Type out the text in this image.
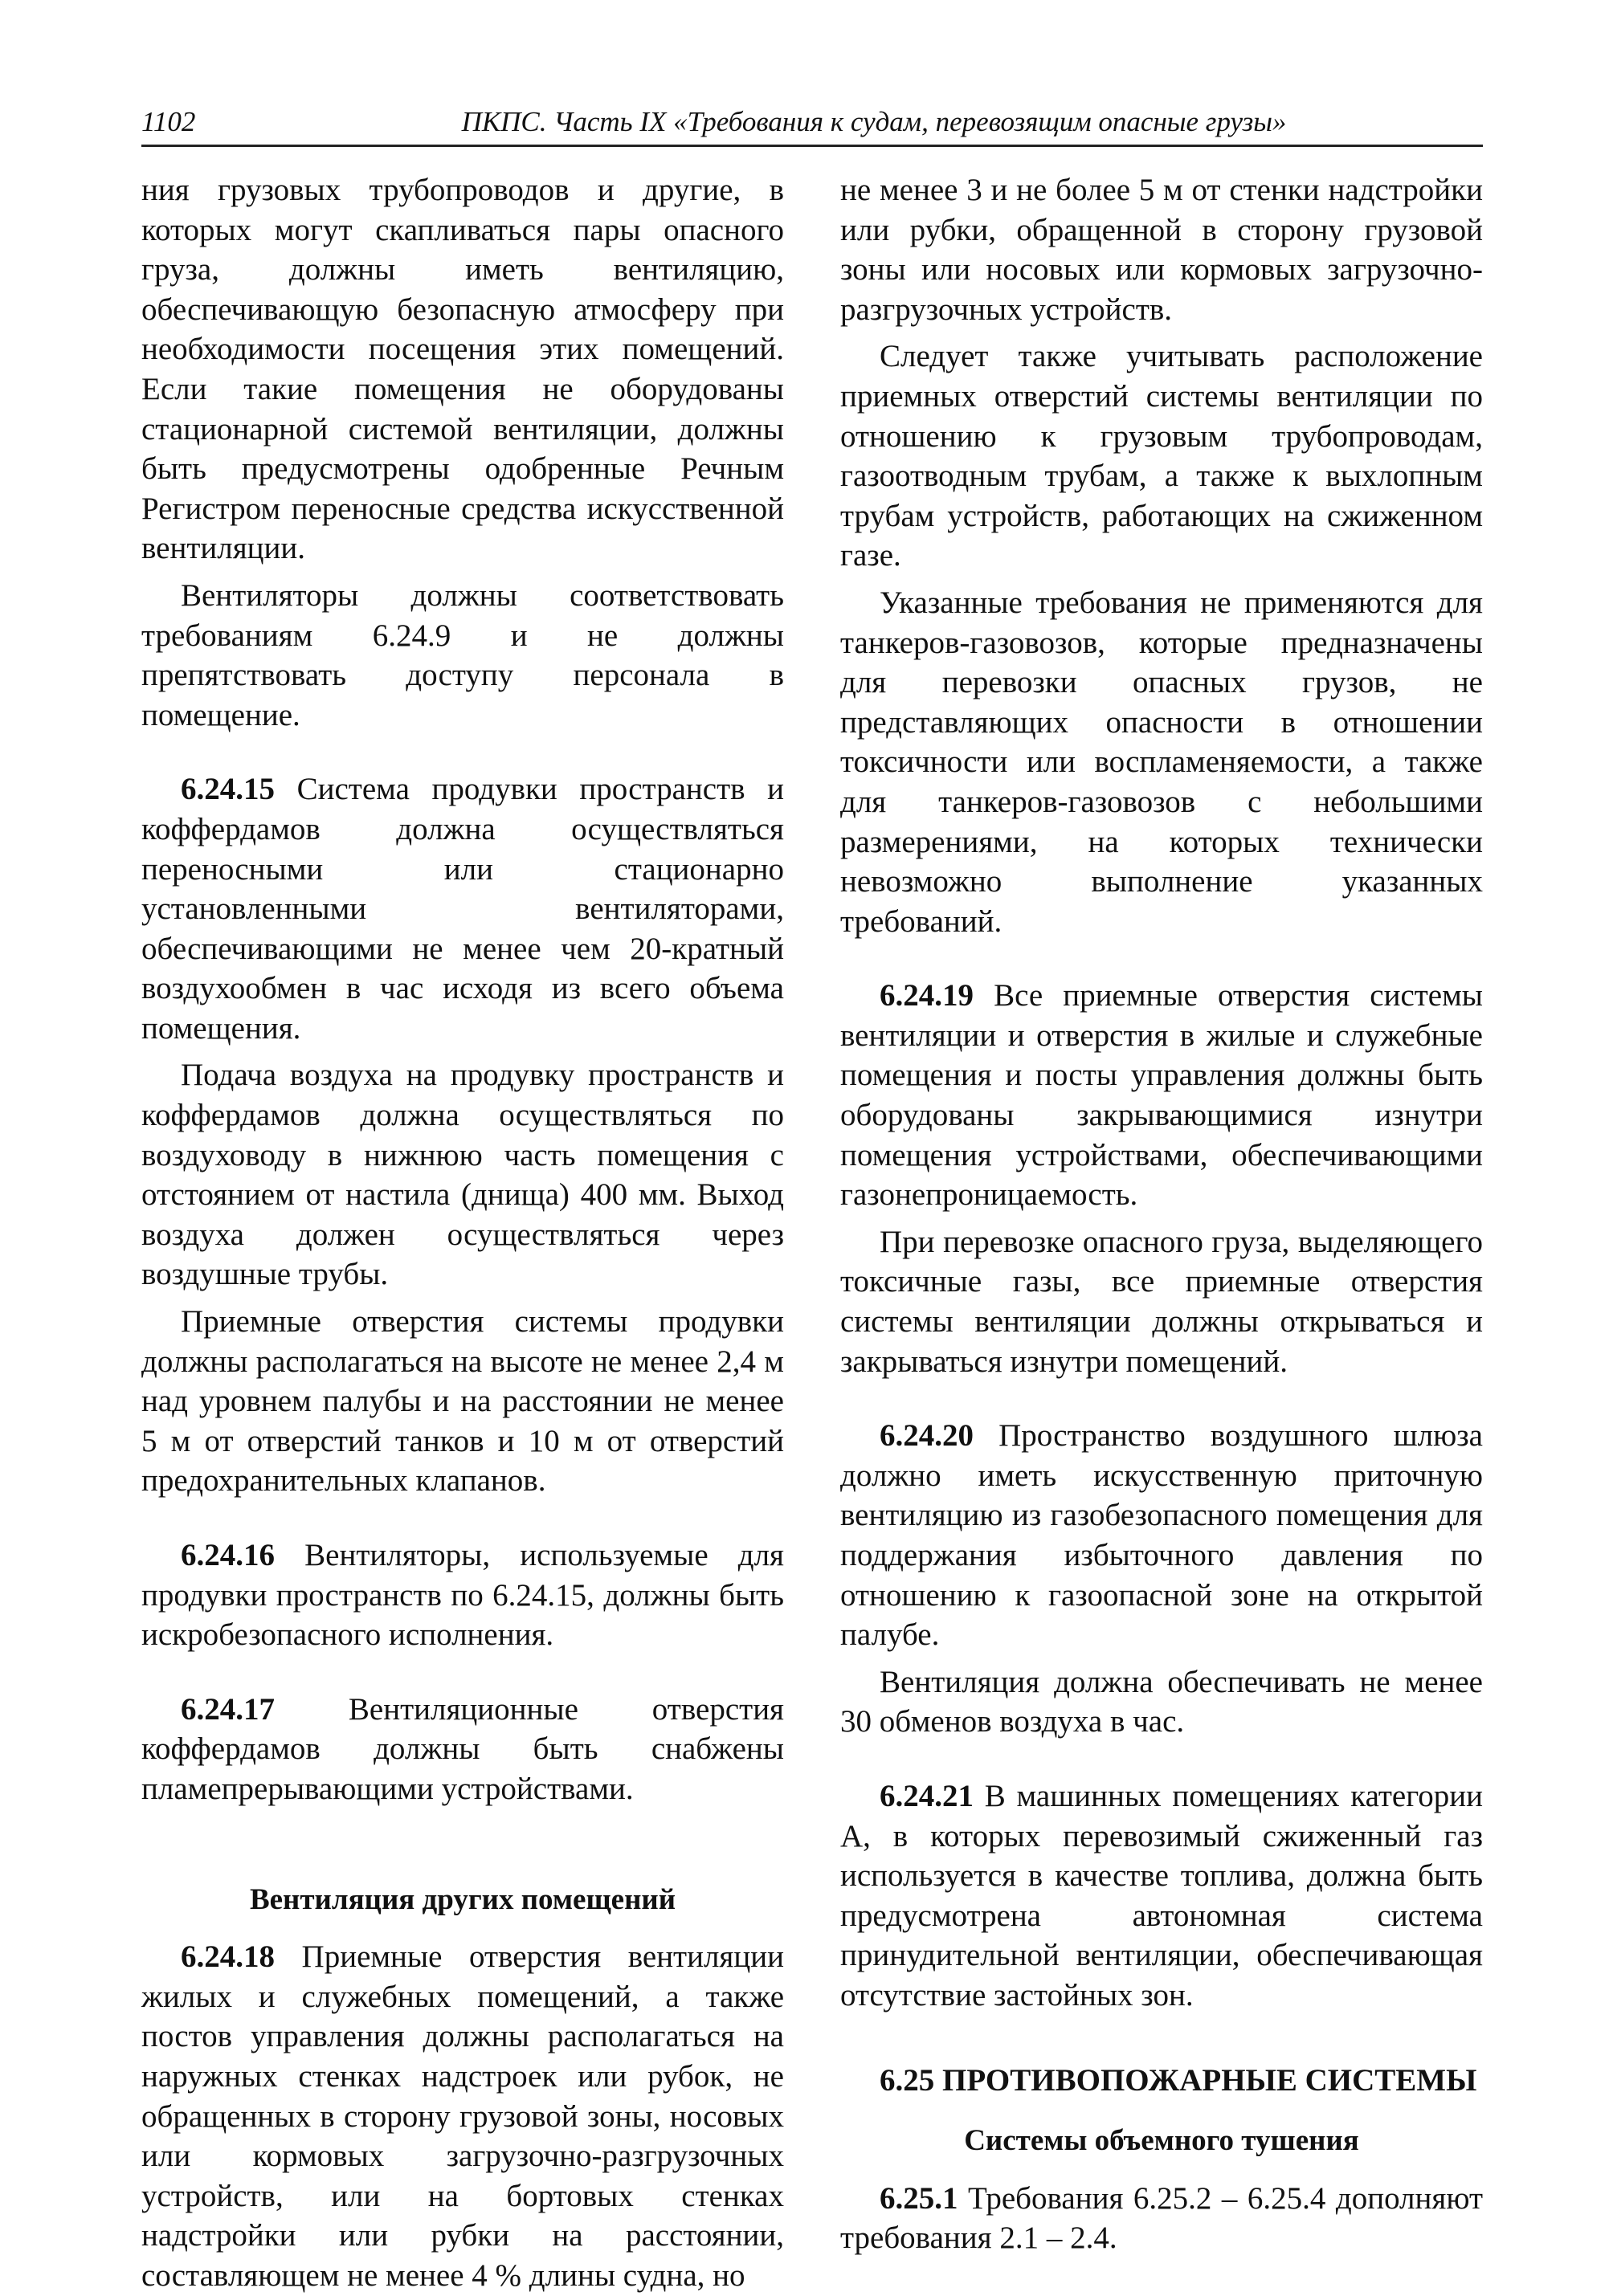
1102	ПКПС. Часть IX «Требования к судам, перевозящим опасные грузы»

ния грузовых трубопроводов и другие, в которых могут скапливаться пары опасного груза, должны иметь вентиляцию, обеспечивающую безопасную атмосферу при необходимости посещения этих помещений. Если такие помещения не оборудованы стационарной системой вентиляции, должны быть предусмотрены одобренные Речным Регистром переносные средства искусственной вентиляции.

Вентиляторы должны соответствовать требованиям 6.24.9 и не должны препятствовать доступу персонала в помещение.

6.24.15 Система продувки пространств и коффердамов должна осуществляться переносными или стационарно установленными вентиляторами, обеспечивающими не менее чем 20-кратный воздухообмен в час исходя из всего объема помещения.

Подача воздуха на продувку пространств и коффердамов должна осуществляться по воздуховоду в нижнюю часть помещения с отстоянием от настила (днища) 400 мм. Выход воздуха должен осуществляться через воздушные трубы.

Приемные отверстия системы продувки должны располагаться на высоте не менее 2,4 м над уровнем палубы и на расстоянии не менее 5 м от отверстий танков и 10 м от отверстий предохранительных клапанов.

6.24.16 Вентиляторы, используемые для продувки пространств по 6.24.15, должны быть искробезопасного исполнения.

6.24.17 Вентиляционные отверстия коффердамов должны быть снабжены пламепрерывающими устройствами.

Вентиляция других помещений

6.24.18 Приемные отверстия вентиляции жилых и служебных помещений, а также постов управления должны располагаться на наружных стенках надстроек или рубок, не обращенных в сторону грузовой зоны, носовых или кормовых загрузочно-разгрузочных устройств, или на бортовых стенках надстройки или рубки на расстоянии, составляющем не менее 4 % длины судна, но

не менее 3 и не более 5 м от стенки надстройки или рубки, обращенной в сторону грузовой зоны или носовых или кормовых загрузочно-разгрузочных устройств.

Следует также учитывать расположение приемных отверстий системы вентиляции по отношению к грузовым трубопроводам, газоотводным трубам, а также к выхлопным трубам устройств, работающих на сжиженном газе.

Указанные требования не применяются для танкеров-газовозов, которые предназначены для перевозки опасных грузов, не представляющих опасности в отношении токсичности или воспламеняемости, а также для танкеров-газовозов с небольшими размерениями, на которых технически невозможно выполнение указанных требований.

6.24.19 Все приемные отверстия системы вентиляции и отверстия в жилые и служебные помещения и посты управления должны быть оборудованы закрывающимися изнутри помещения устройствами, обеспечивающими газонепроницаемость.

При перевозке опасного груза, выделяющего токсичные газы, все приемные отверстия системы вентиляции должны открываться и закрываться изнутри помещений.

6.24.20 Пространство воздушного шлюза должно иметь искусственную приточную вентиляцию из газобезопасного помещения для поддержания избыточного давления по отношению к газоопасной зоне на открытой палубе.

Вентиляция должна обеспечивать не менее 30 обменов воздуха в час.

6.24.21 В машинных помещениях категории А, в которых перевозимый сжиженный газ используется в качестве топлива, должна быть предусмотрена автономная система принудительной вентиляции, обеспечивающая отсутствие застойных зон.

6.25 ПРОТИВОПОЖАРНЫЕ СИСТЕМЫ
Системы объемного тушения

6.25.1 Требования 6.25.2 – 6.25.4 дополняют требования 2.1 – 2.4.
